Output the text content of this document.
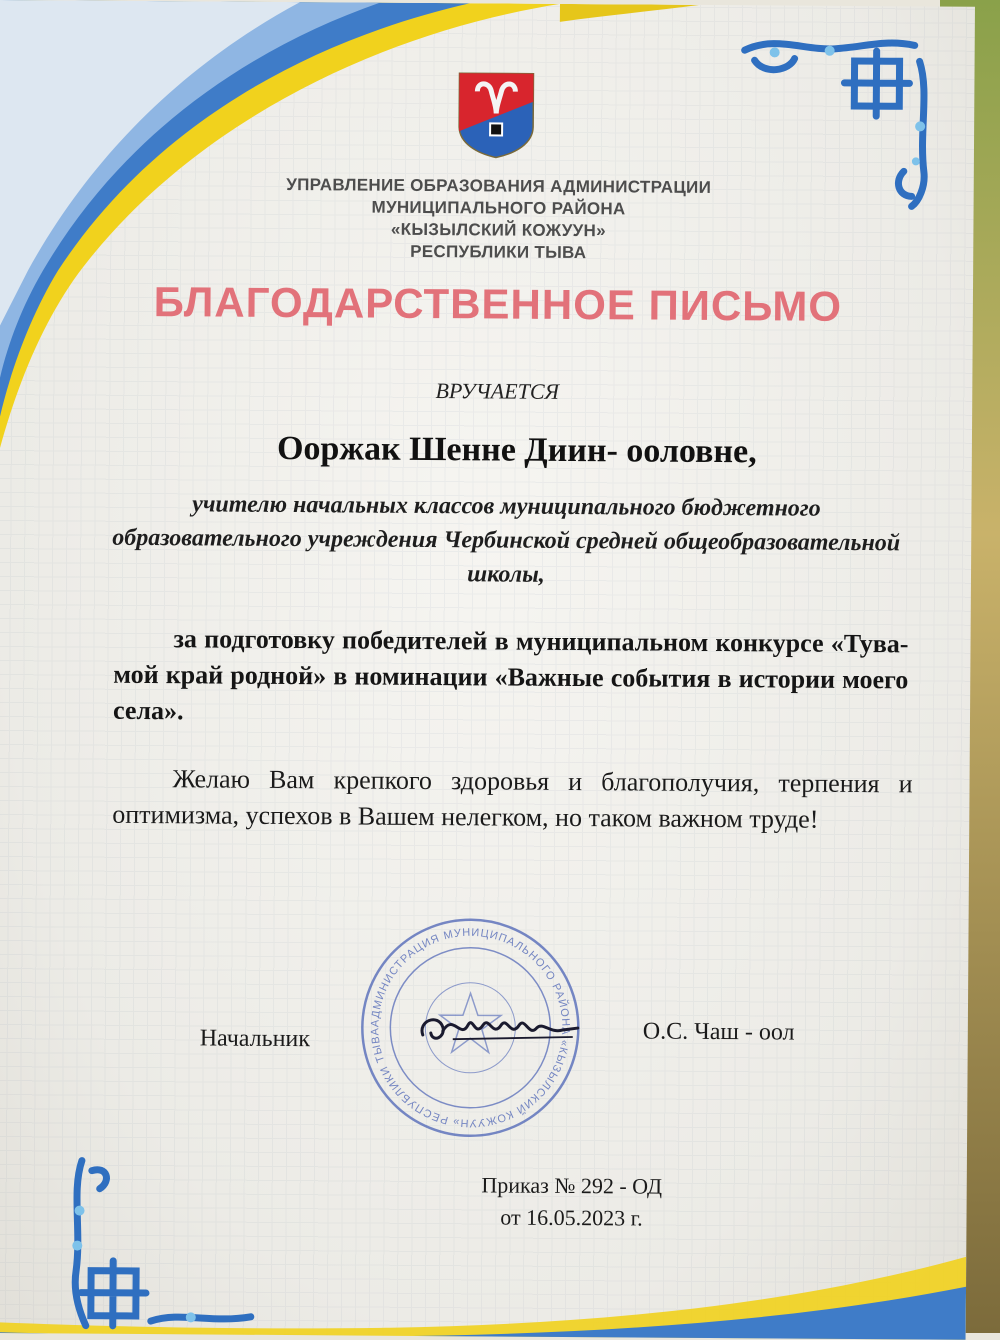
УПРАВЛЕНИЕ ОБРАЗОВАНИЯ АДМИНИСТРАЦИИ
МУНИЦИПАЛЬНОГО РАЙОНА
«КЫЗЫЛСКИЙ КОЖУУН»
РЕСПУБЛИКИ ТЫВА
БЛАГОДАРСТВЕННОЕ ПИСЬМО
ВРУЧАЕТСЯ
Ооржак Шенне Диин- ооловне,
учителю начальных классов муниципального бюджетного образовательного учреждения Чербинской средней общеобразовательной школы,
за подготовку победителей в муниципальном конкурсе «Тува- мой край родной» в номинации «Важные события в истории моего села».
Желаю Вам крепкого здоровья и благополучия, терпения и оптимизма, успехов в Вашем нелегком, но таком важном труде!
АДМИНИСТРАЦИЯ МУНИЦИПАЛЬНОГО РАЙОНА «КЫЗЫЛСКИЙ КОЖУУН» РЕСПУБЛИКИ ТЫВА
Начальник	О.С. Чаш - оол
Приказ № 292 - ОД
от 16.05.2023 г.
